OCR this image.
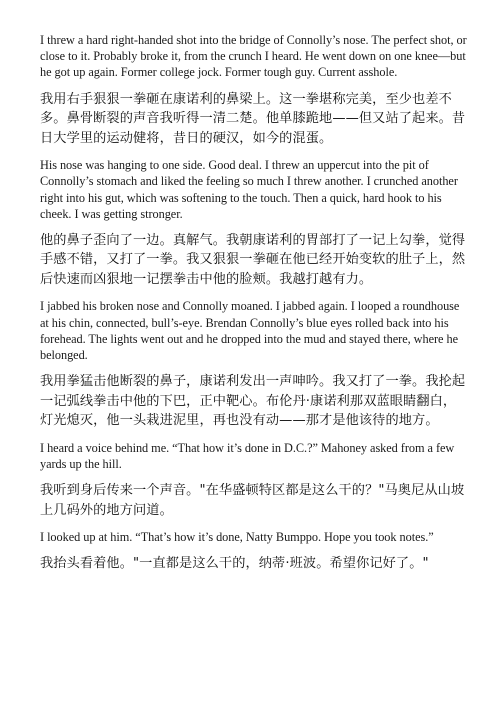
I threw a hard right-handed shot into the bridge of Connolly’s nose. The perfect shot, or close to it. Probably broke it, from the crunch I heard. He went down on one knee—but he got up again. Former college jock. Former tough guy. Current asshole.

我用右手狠狠一拳砸在康诺利的鼻梁上。这一拳堪称完美，至少也差不多。鼻骨断裂的声音我听得一清二楚。他单膝跪地——但又站了起来。昔日大学里的运动健将，昔日的硬汉，如今的混蛋。

His nose was hanging to one side. Good deal. I threw an uppercut into the pit of Connolly’s stomach and liked the feeling so much I threw another. I crunched another right into his gut, which was softening to the touch. Then a quick, hard hook to his cheek. I was getting stronger.

他的鼻子歪向了一边。真解气。我朝康诺利的胃部打了一记上勾拳，觉得手感不错，又打了一拳。我又狠狠一拳砸在他已经开始变软的肚子上，然后快速而凶狠地一记摆拳击中他的脸颊。我越打越有力。

I jabbed his broken nose and Connolly moaned. I jabbed again. I looped a roundhouse at his chin, connected, bull’s-eye. Brendan Connolly’s blue eyes rolled back into his forehead. The lights went out and he dropped into the mud and stayed there, where he belonged.

我用拳猛击他断裂的鼻子，康诺利发出一声呻吟。我又打了一拳。我抡起一记弧线拳击中他的下巴，正中靶心。布伦丹·康诺利那双蓝眼睛翻白，灯光熄灭，他一头栽进泥里，再也没有动——那才是他该待的地方。

I heard a voice behind me. “That how it’s done in D.C.?” Mahoney asked from a few yards up the hill.

我听到身后传来一个声音。"在华盛顿特区都是这么干的？"马奥尼从山坡上几码外的地方问道。

I looked up at him. “That’s how it’s done, Natty Bumppo. Hope you took notes.”

我抬头看着他。"一直都是这么干的，纳蒂·班波。希望你记好了。"
